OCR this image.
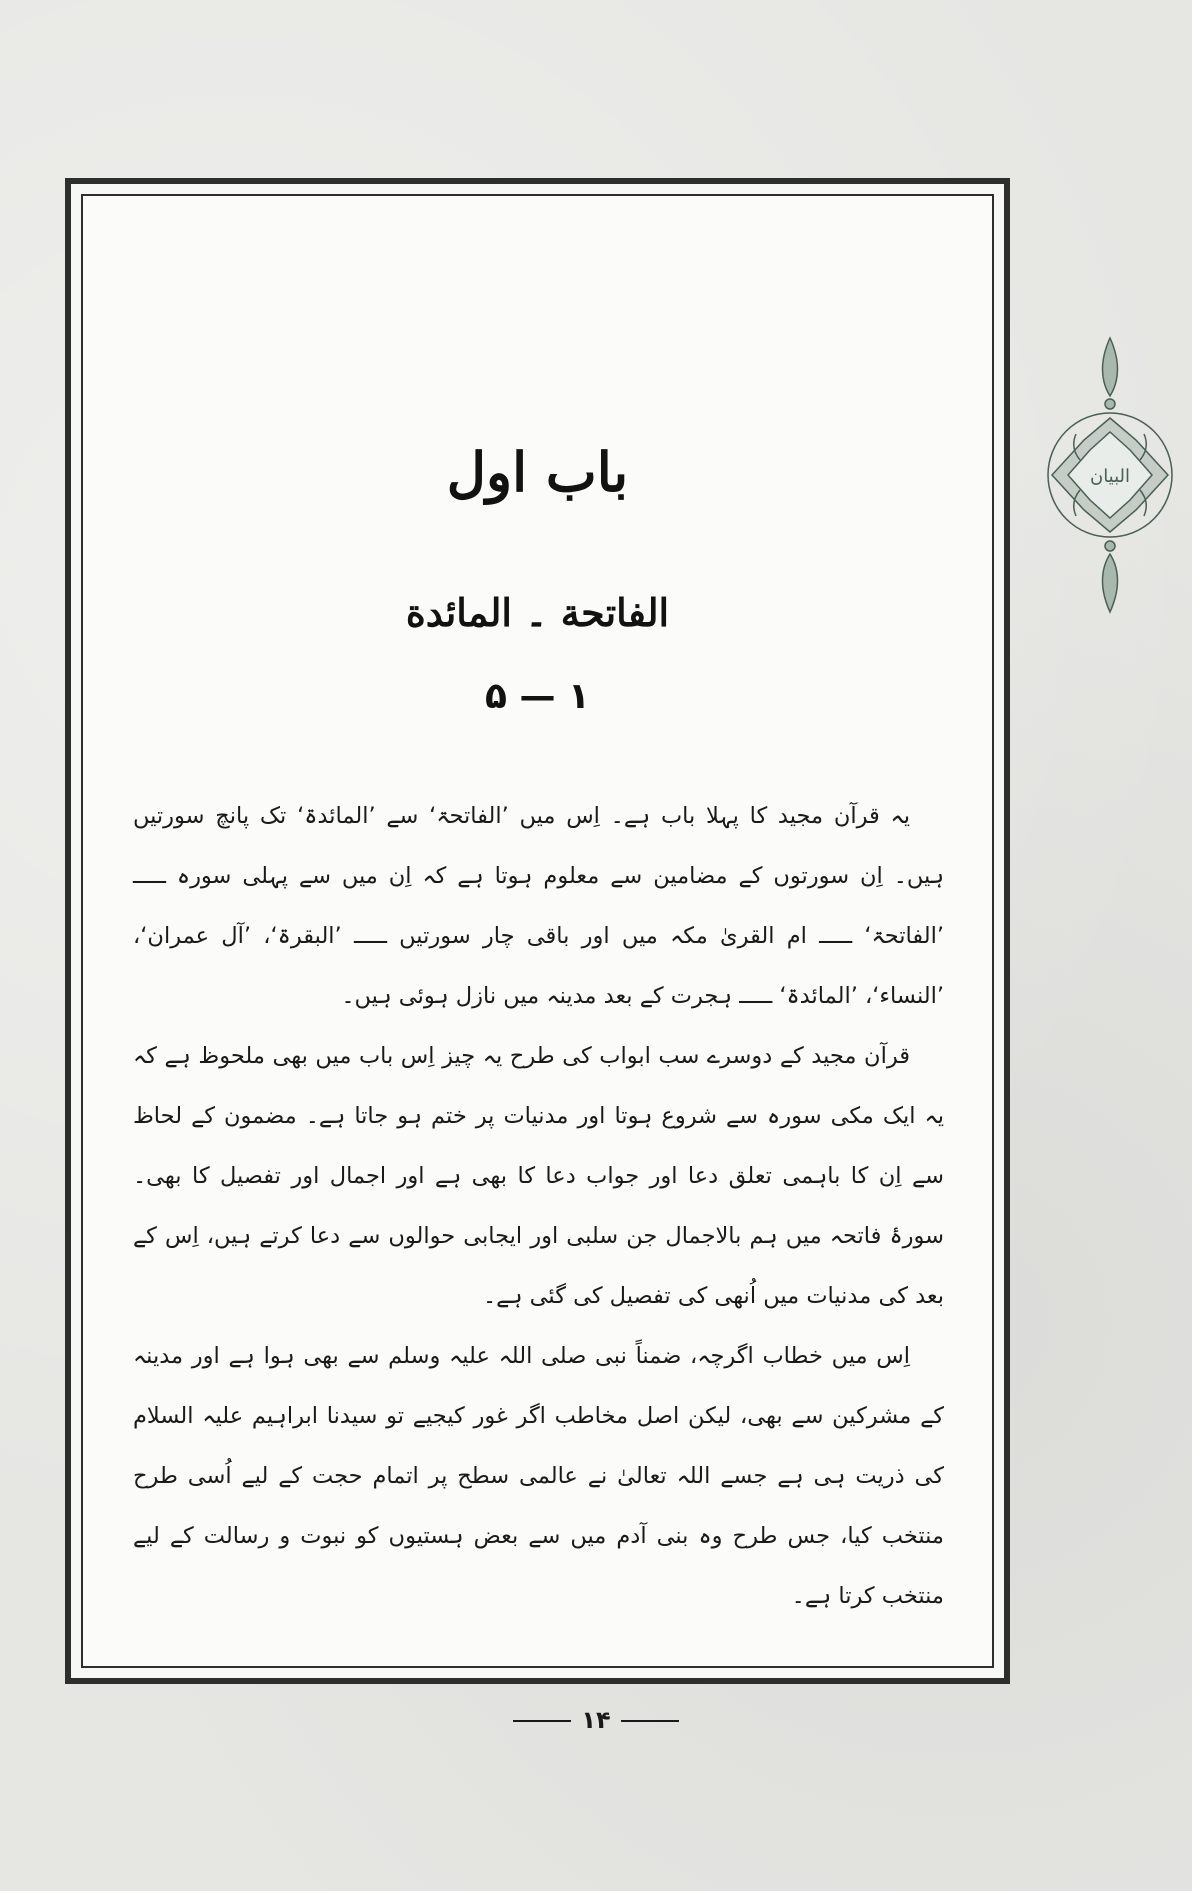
باب اول
الفاتحة ۔ المائدة
۱ — ۵

یہ قرآن مجید کا پہلا باب ہے۔ اِس میں ’الفاتحۃ‘ سے ’المائدۃ‘ تک پانچ سورتیں ہیں۔ اِن سورتوں کے مضامین سے معلوم ہوتا ہے کہ اِن میں سے پہلی سورہ ـــــ ’الفاتحۃ‘ ـــــ ام القریٰ مکہ میں اور باقی چار سورتیں ـــــ ’البقرۃ‘، ’آل عمران‘، ’النساء‘، ’المائدۃ‘ ـــــ ہجرت کے بعد مدینہ میں نازل ہوئی ہیں۔

قرآن مجید کے دوسرے سب ابواب کی طرح یہ چیز اِس باب میں بھی ملحوظ ہے کہ یہ ایک مکی سورہ سے شروع ہوتا اور مدنیات پر ختم ہو جاتا ہے۔ مضمون کے لحاظ سے اِن کا باہمی تعلق دعا اور جواب دعا کا بھی ہے اور اجمال اور تفصیل کا بھی۔ سورۂ فاتحہ میں ہم بالاجمال جن سلبی اور ایجابی حوالوں سے دعا کرتے ہیں، اِس کے بعد کی مدنیات میں اُنھی کی تفصیل کی گئی ہے۔

اِس میں خطاب اگرچہ، ضمناً نبی صلی اللہ علیہ وسلم سے بھی ہوا ہے اور مدینہ کے مشرکین سے بھی، لیکن اصل مخاطب اگر غور کیجیے تو سیدنا ابراہیم علیہ السلام کی ذریت ہی ہے جسے اللہ تعالیٰ نے عالمی سطح پر اتمام حجت کے لیے اُسی طرح منتخب کیا، جس طرح وہ بنی آدم میں سے بعض ہستیوں کو نبوت و رسالت کے لیے منتخب کرتا ہے۔

۱۴
البیان
